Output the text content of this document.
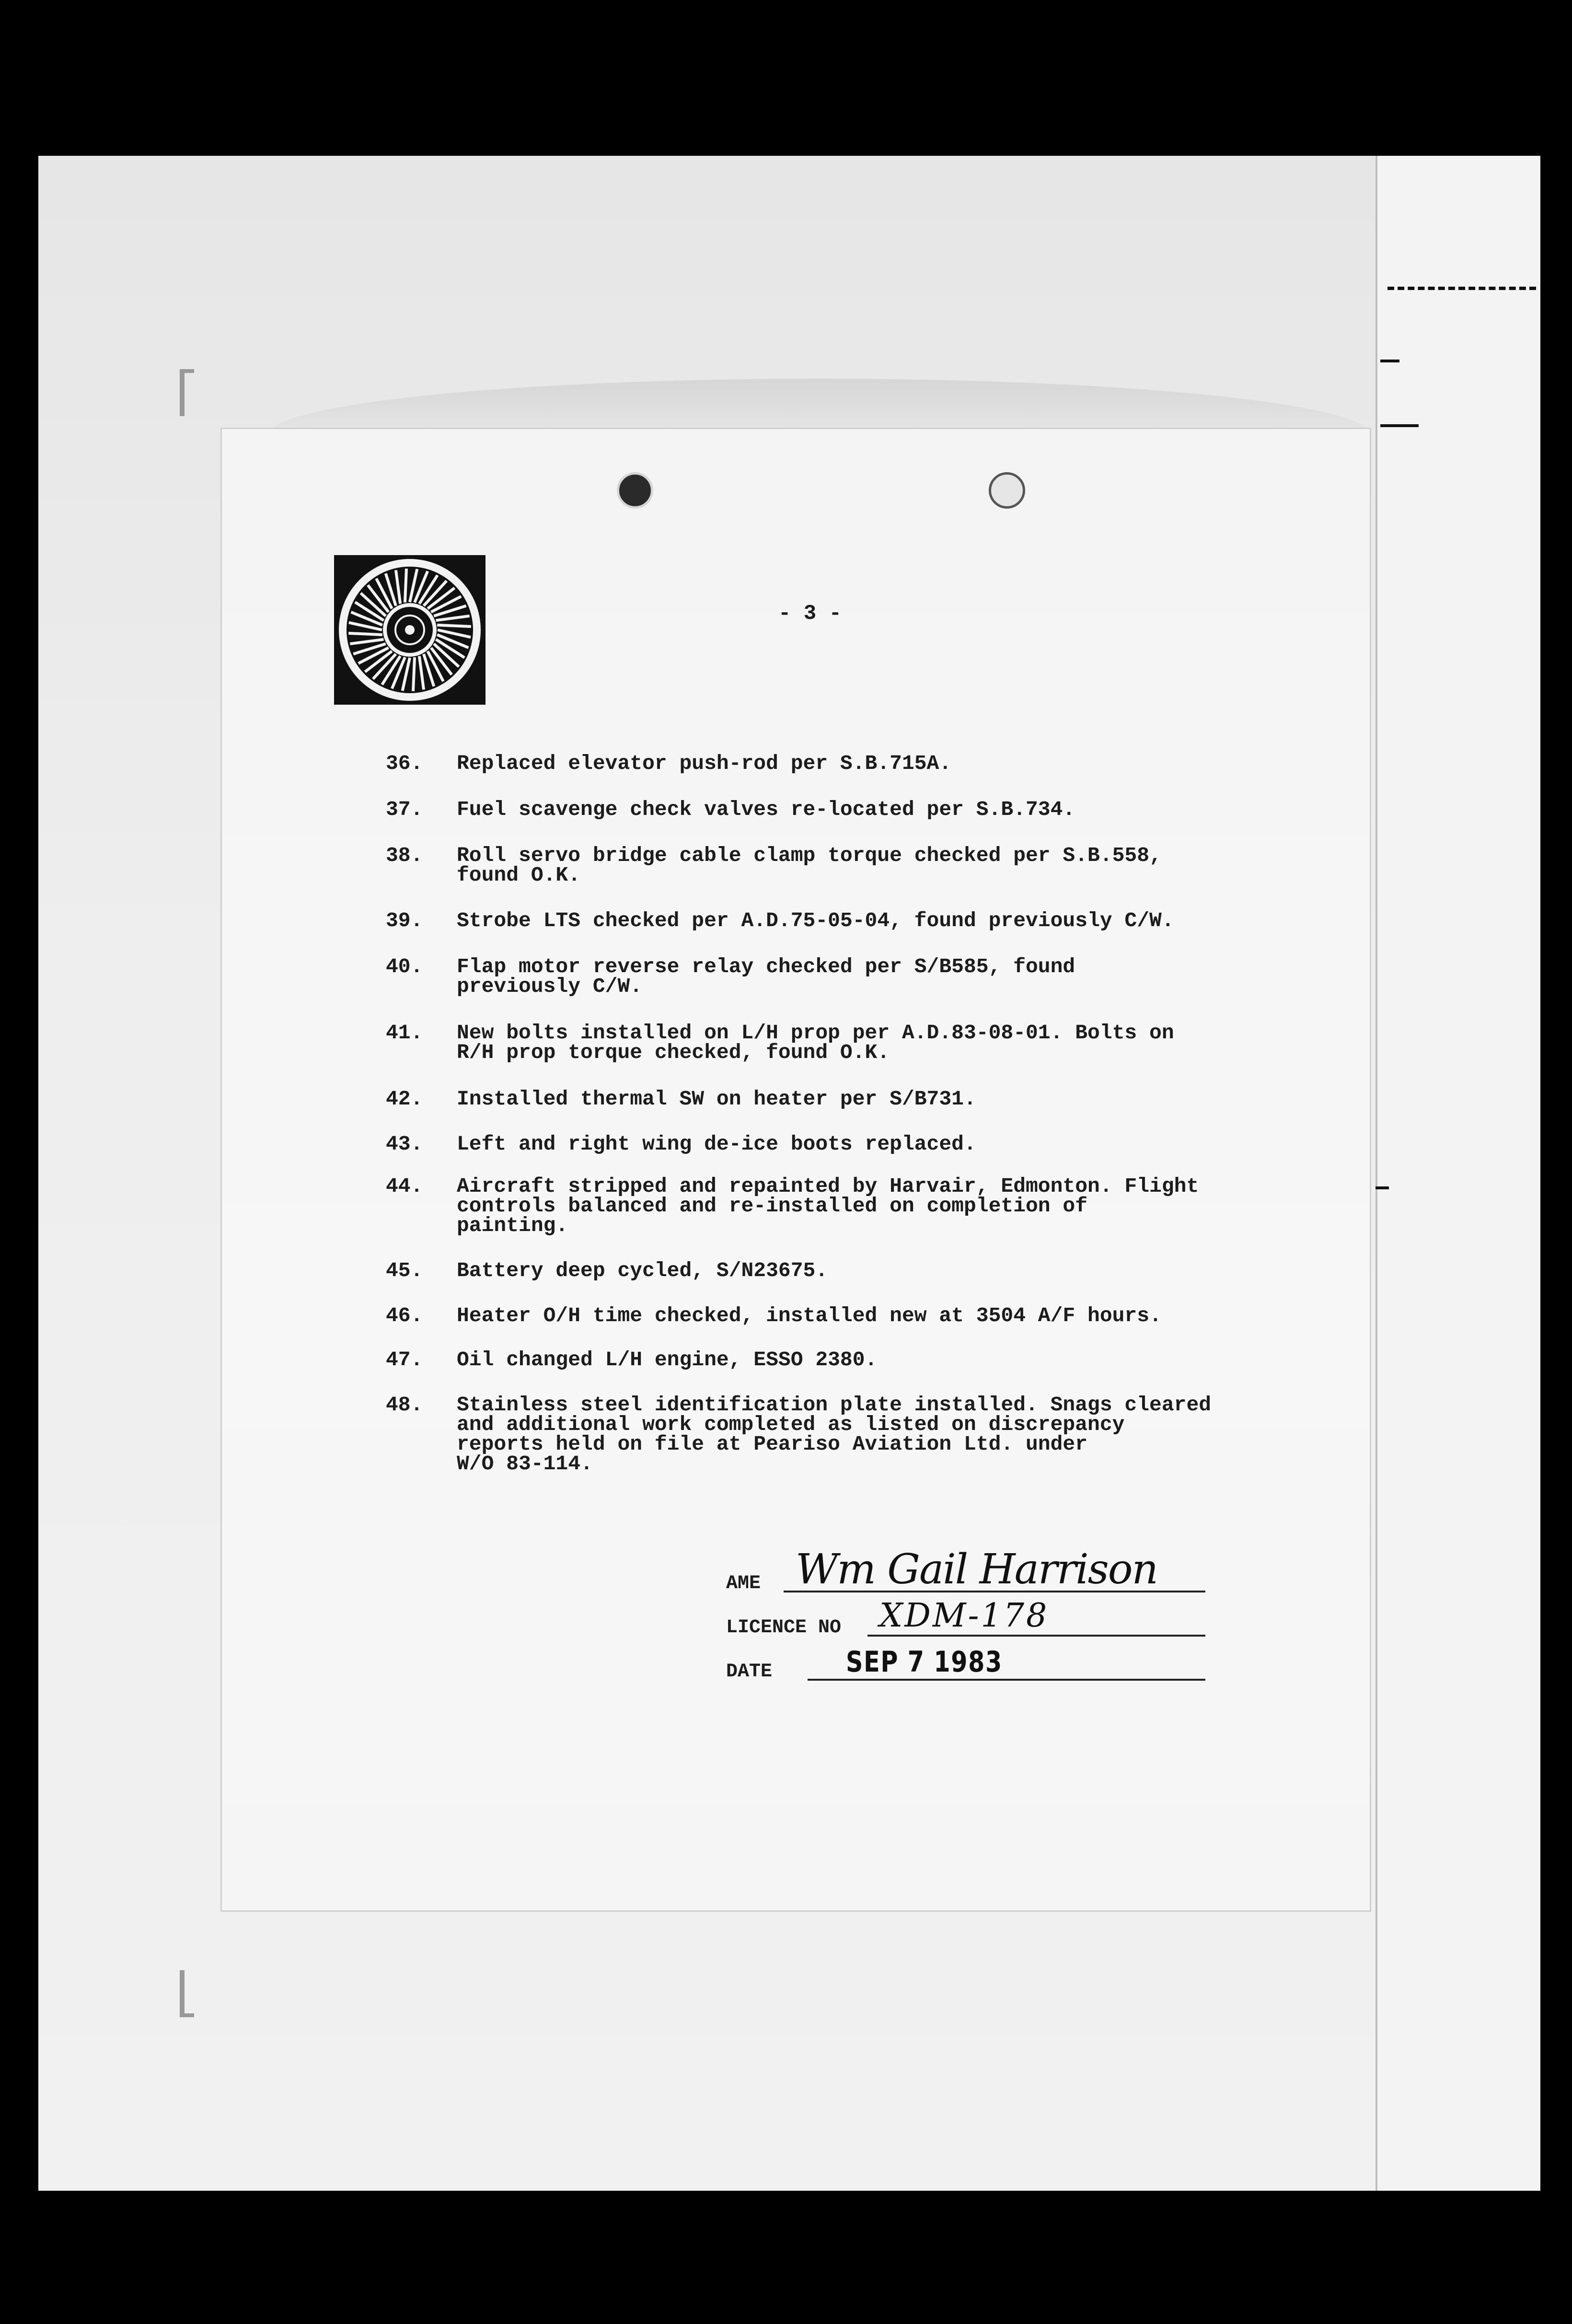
- 3 -
36.	Replaced elevator push-rod per S.B.715A.
37.	Fuel scavenge check valves re-located per S.B.734.
38.	Roll servo bridge cable clamp torque checked per S.B.558,
found O.K.
39.	Strobe LTS checked per A.D.75-05-04, found previously C/W.
40.	Flap motor reverse relay checked per S/B585, found
previously C/W.
41.	New bolts installed on L/H prop per A.D.83-08-01. Bolts on
R/H prop torque checked, found O.K.
42.	Installed thermal SW on heater per S/B731.
43.	Left and right wing de-ice boots replaced.
44.	Aircraft stripped and repainted by Harvair, Edmonton. Flight
controls balanced and re-installed on completion of
painting.
45.	Battery deep cycled, S/N23675.
46.	Heater O/H time checked, installed new at 3504 A/F hours.
47.	Oil changed L/H engine, ESSO 2380.
48.	Stainless steel identification plate installed. Snags cleared
and additional work completed as listed on discrepancy
reports held on file at Peariso Aviation Ltd. under
W/O 83-114.
AME Wm Gail Harrison
LICENCE NO XDM-178
DATE	SEP 7 1983
